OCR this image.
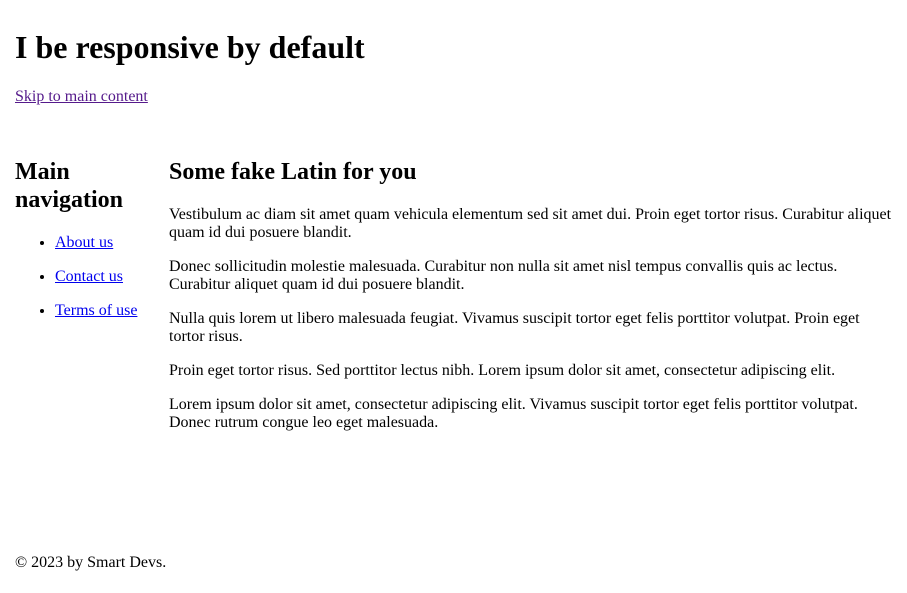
I be responsive by default
Skip to main content
Main navigation
• About us
• Contact us
• Terms of use
Some fake Latin for you

Vestibulum ac diam sit amet quam vehicula elementum sed sit amet dui. Proin eget tortor risus. Curabitur aliquet quam id dui posuere blandit.

Donec sollicitudin molestie malesuada. Curabitur non nulla sit amet nisl tempus convallis quis ac lectus. Curabitur aliquet quam id dui posuere blandit.

Nulla quis lorem ut libero malesuada feugiat. Vivamus suscipit tortor eget felis porttitor volutpat. Proin eget tortor risus.

Proin eget tortor risus. Sed porttitor lectus nibh. Lorem ipsum dolor sit amet, consectetur adipiscing elit.

Lorem ipsum dolor sit amet, consectetur adipiscing elit. Vivamus suscipit tortor eget felis porttitor volutpat. Donec rutrum congue leo eget malesuada.

© 2023 by Smart Devs.
